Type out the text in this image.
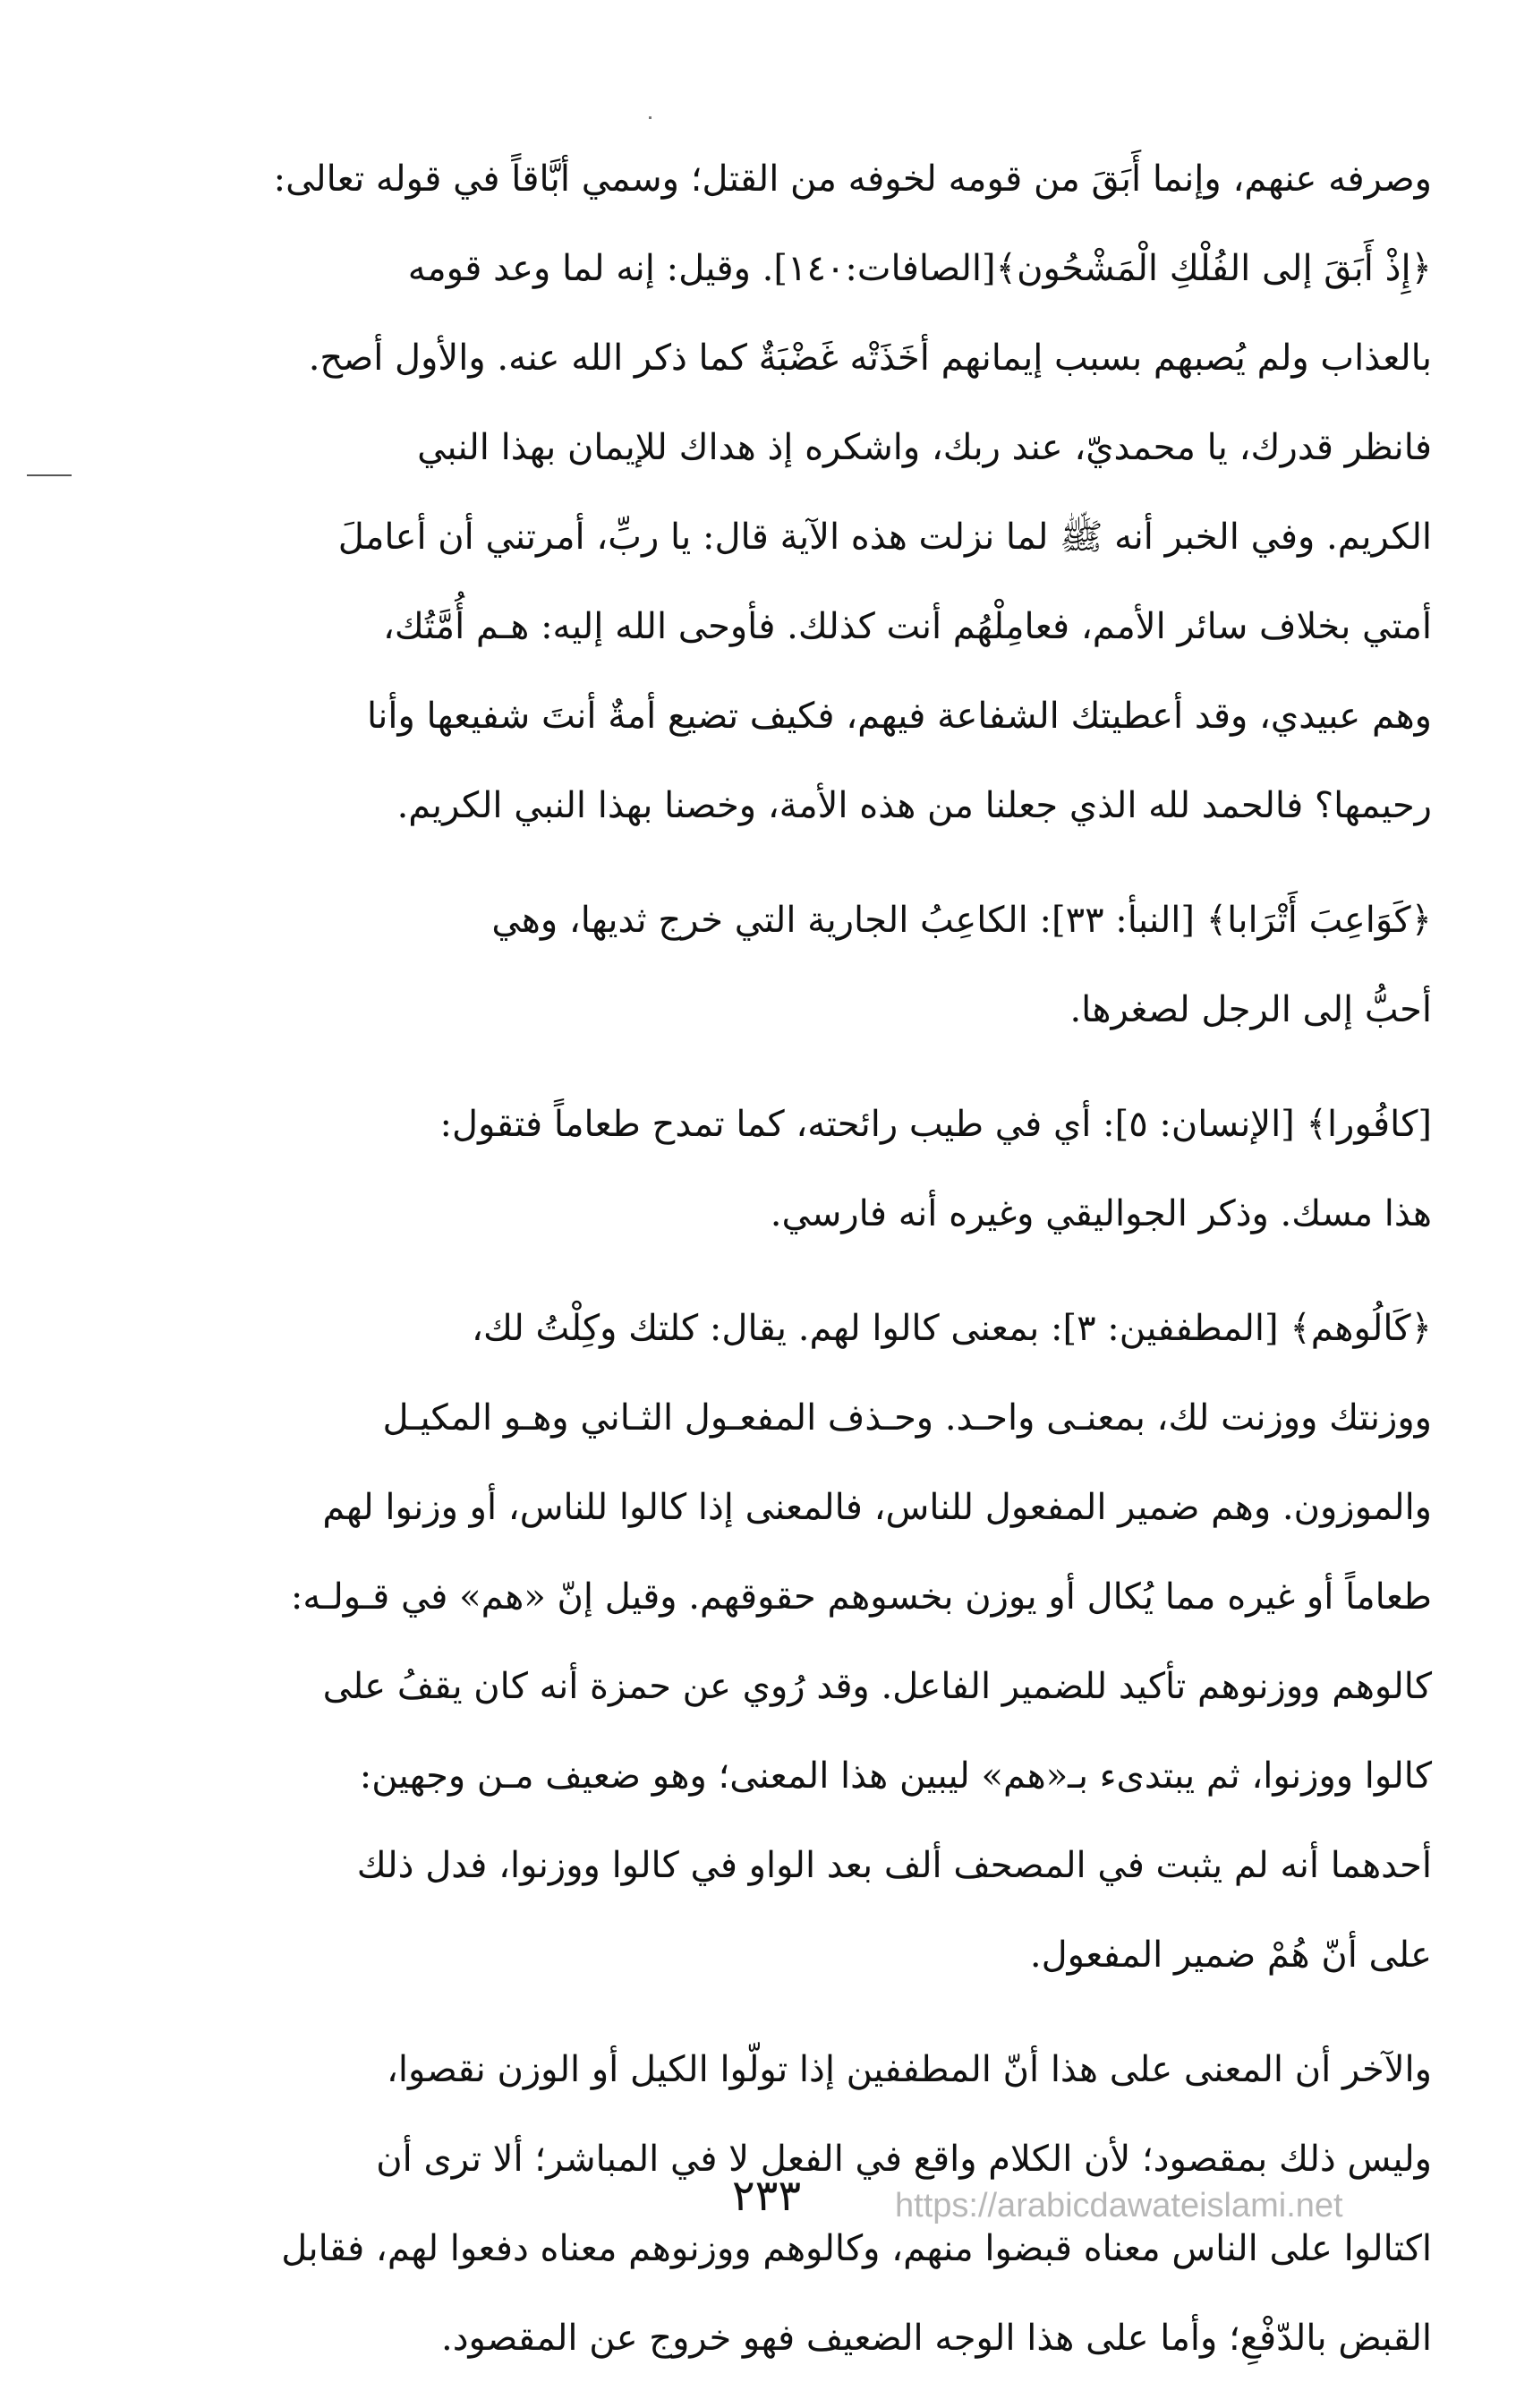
وصرفه عنهم، وإنما أَبَقَ من قومه لخوفه من القتل؛ وسمي أبَّاقاً في قوله تعالى:
﴿إِذْ أَبَقَ إلى الفُلْكِ الْمَشْحُون﴾[الصافات:١٤٠]. وقيل: إنه لما وعد قومه
بالعذاب ولم يُصبهم بسبب إيمانهم أخَذَتْه غَضْبَةٌ كما ذكر الله عنه. والأول أصح.
فانظر قدرك، يا محمديّ، عند ربك، واشكره إذ هداك للإيمان بهذا النبي
الكريم. وفي الخبر أنه ﷺ لما نزلت هذه الآية قال: يا ربِّ، أمرتني أن أعاملَ
أمتي بخلاف سائر الأمم، فعامِلْهُم أنت كذلك. فأوحى الله إليه: هـم أُمَّتُك،
وهم عبيدي، وقد أعطيتك الشفاعة فيهم، فكيف تضيع أمةٌ أنتَ شفيعها وأنا
رحيمها؟ فالحمد لله الذي جعلنا من هذه الأمة، وخصنا بهذا النبي الكريم.
﴿كَوَاعِبَ أَتْرَابا﴾ [النبأ: ٣٣]: الكاعِبُ الجارية التي خرج ثديها، وهي
أحبُّ إلى الرجل لصغرها.
[كافُورا﴾ [الإنسان: ٥]: أي في طيب رائحته، كما تمدح طعاماً فتقول:
هذا مسك. وذكر الجواليقي وغيره أنه فارسي.
﴿كَالُوهم﴾ [المطففين: ٣]: بمعنى كالوا لهم. يقال: كلتك وكِلْتُ لك،
ووزنتك ووزنت لك، بمعنـى واحـد. وحـذف المفعـول الثـاني وهـو المكيـل
والموزون. وهم ضمير المفعول للناس، فالمعنى إذا كالوا للناس، أو وزنوا لهم
طعاماً أو غيره مما يُكال أو يوزن بخسوهم حقوقهم. وقيل إنّ «هم» في قـولـه:
كالوهم ووزنوهم تأكيد للضمير الفاعل. وقد رُوي عن حمزة أنه كان يقفُ على
كالوا ووزنوا، ثم يبتدىء بـ«هم» ليبين هذا المعنى؛ وهو ضعيف مـن وجهين:
أحدهما أنه لم يثبت في المصحف ألف بعد الواو في كالوا ووزنوا، فدل ذلك
على أنّ هُمْ ضمير المفعول.
والآخر أن المعنى على هذا أنّ المطففين إذا تولّوا الكيل أو الوزن نقصوا،
وليس ذلك بمقصود؛ لأن الكلام واقع في الفعل لا في المباشر؛ ألا ترى أن
اكتالوا على الناس معناه قبضوا منهم، وكالوهم ووزنوهم معناه دفعوا لهم، فقابل
القبض بالدّفْعِ؛ وأما على هذا الوجه الضعيف فهو خروج عن المقصود.
٢٣٣	https://arabicdawateislami.net
